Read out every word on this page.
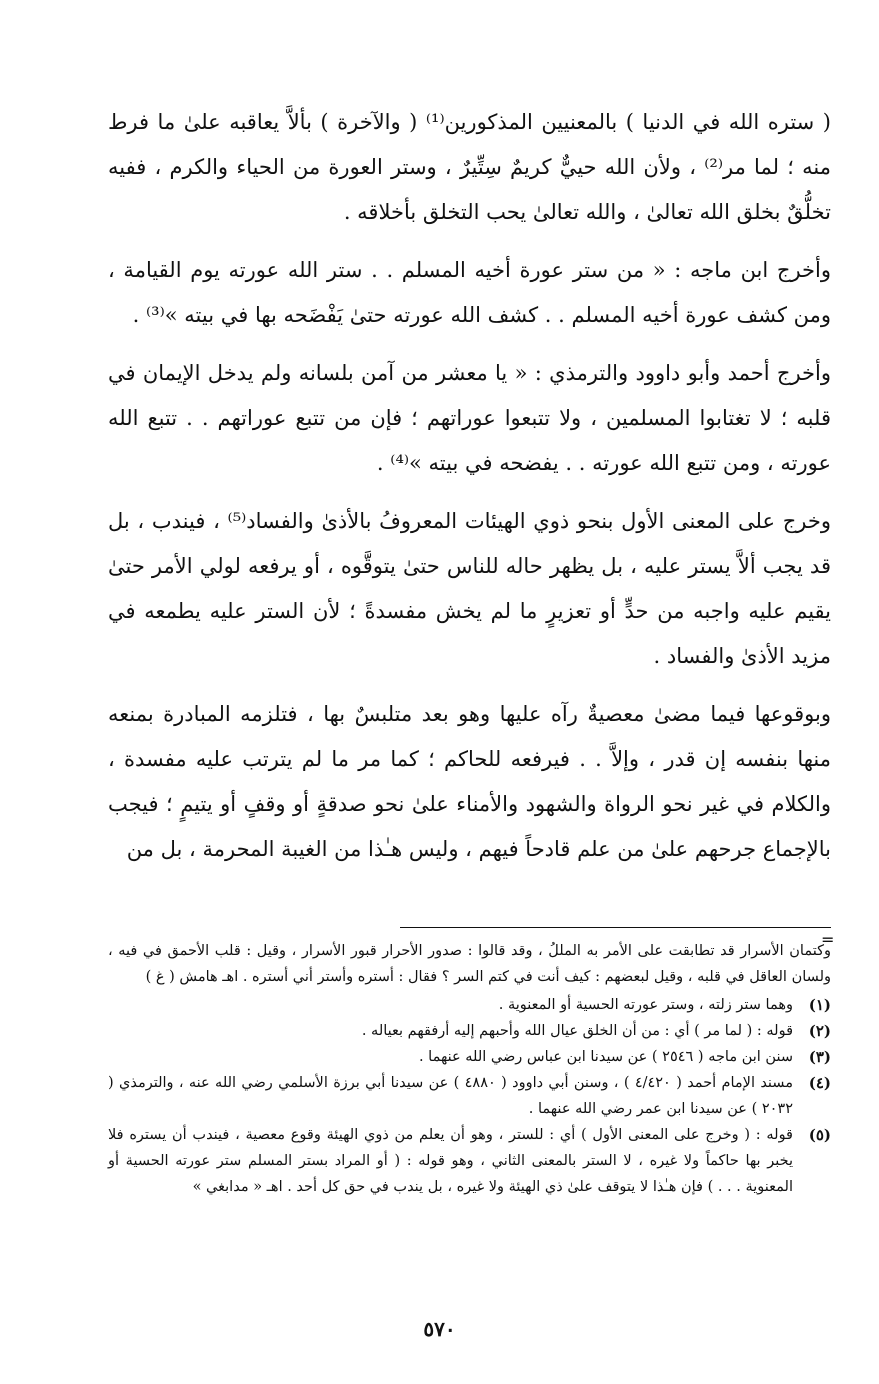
( ستره الله في الدنيا ) بالمعنيين المذكورين⁽¹⁾ ( والآخرة ) بألاَّ يعاقبه علىٰ ما فرط منه ؛ لما مر⁽²⁾ ، ولأن الله حييٌّ كريمٌ سِتِّيرٌ ، وستر العورة من الحياء والكرم ، ففيه تخلُّقٌ بخلق الله تعالىٰ ، والله تعالىٰ يحب التخلق بأخلاقه .

وأخرج ابن ماجه : « من ستر عورة أخيه المسلم . . ستر الله عورته يوم القيامة ، ومن كشف عورة أخيه المسلم . . كشف الله عورته حتىٰ يَفْضَحه بها في بيته »⁽³⁾ .

وأخرج أحمد وأبو داوود والترمذي : « يا معشر من آمن بلسانه ولم يدخل الإيمان في قلبه ؛ لا تغتابوا المسلمين ، ولا تتبعوا عوراتهم ؛ فإن من تتبع عوراتهم . . تتبع الله عورته ، ومن تتبع الله عورته . . يفضحه في بيته »⁽⁴⁾ .

وخرج على المعنى الأول بنحو ذوي الهيئات المعروفُ بالأذىٰ والفساد⁽⁵⁾ ، فيندب ، بل قد يجب ألاَّ يستر عليه ، بل يظهر حاله للناس حتىٰ يتوقَّوه ، أو يرفعه لولي الأمر حتىٰ يقيم عليه واجبه من حدٍّ أو تعزيرٍ ما لم يخش مفسدةً ؛ لأن الستر عليه يطمعه في مزيد الأذىٰ والفساد .

وبوقوعها فيما مضىٰ معصيةٌ رآه عليها وهو بعد متلبسٌ بها ، فتلزمه المبادرة بمنعه منها بنفسه إن قدر ، وإلاَّ . . فيرفعه للحاكم ؛ كما مر ما لم يترتب عليه مفسدة ، والكلام في غير نحو الرواة والشهود والأمناء علىٰ نحو صدقةٍ أو وقفٍ أو يتيمٍ ؛ فيجب بالإجماع جرحهم علىٰ من علم قادحاً فيهم ، وليس هـٰذا من الغيبة المحرمة ، بل من

=

وكتمان الأسرار قد تطابقت على الأمر به المللُ ، وقد قالوا : صدور الأحرار قبور الأسرار ، وقيل : قلب الأحمق في فيه ، ولسان العاقل في قلبه ، وقيل لبعضهم : كيف أنت في كتم السر ؟ فقال : أستره وأستر أني أستره . اهـ هامش ( غ )

(١)
وهما ستر زلته ، وستر عورته الحسية أو المعنوية .
(٢)
قوله : ( لما مر ) أي : من أن الخلق عيال الله وأحبهم إليه أرفقهم بعياله .
(٣)
سنن ابن ماجه ( ٢٥٤٦ ) عن سيدنا ابن عباس رضي الله عنهما .
(٤)
مسند الإمام أحمد ( ٤/٤٢٠ ) ، وسنن أبي داوود ( ٤٨٨٠ ) عن سيدنا أبي برزة الأسلمي رضي الله عنه ، والترمذي ( ٢٠٣٢ ) عن سيدنا ابن عمر رضي الله عنهما .
(٥)
قوله : ( وخرج على المعنى الأول ) أي : للستر ، وهو أن يعلم من ذوي الهيئة وقوع معصية ، فيندب أن يستره فلا يخبر بها حاكماً ولا غيره ، لا الستر بالمعنى الثاني ، وهو قوله : ( أو المراد بستر المسلم ستر عورته الحسية أو المعنوية . . . ) فإن هـٰذا لا يتوقف علىٰ ذي الهيئة ولا غيره ، بل يندب في حق كل أحد . اهـ « مدابغي »
٥٧٠
